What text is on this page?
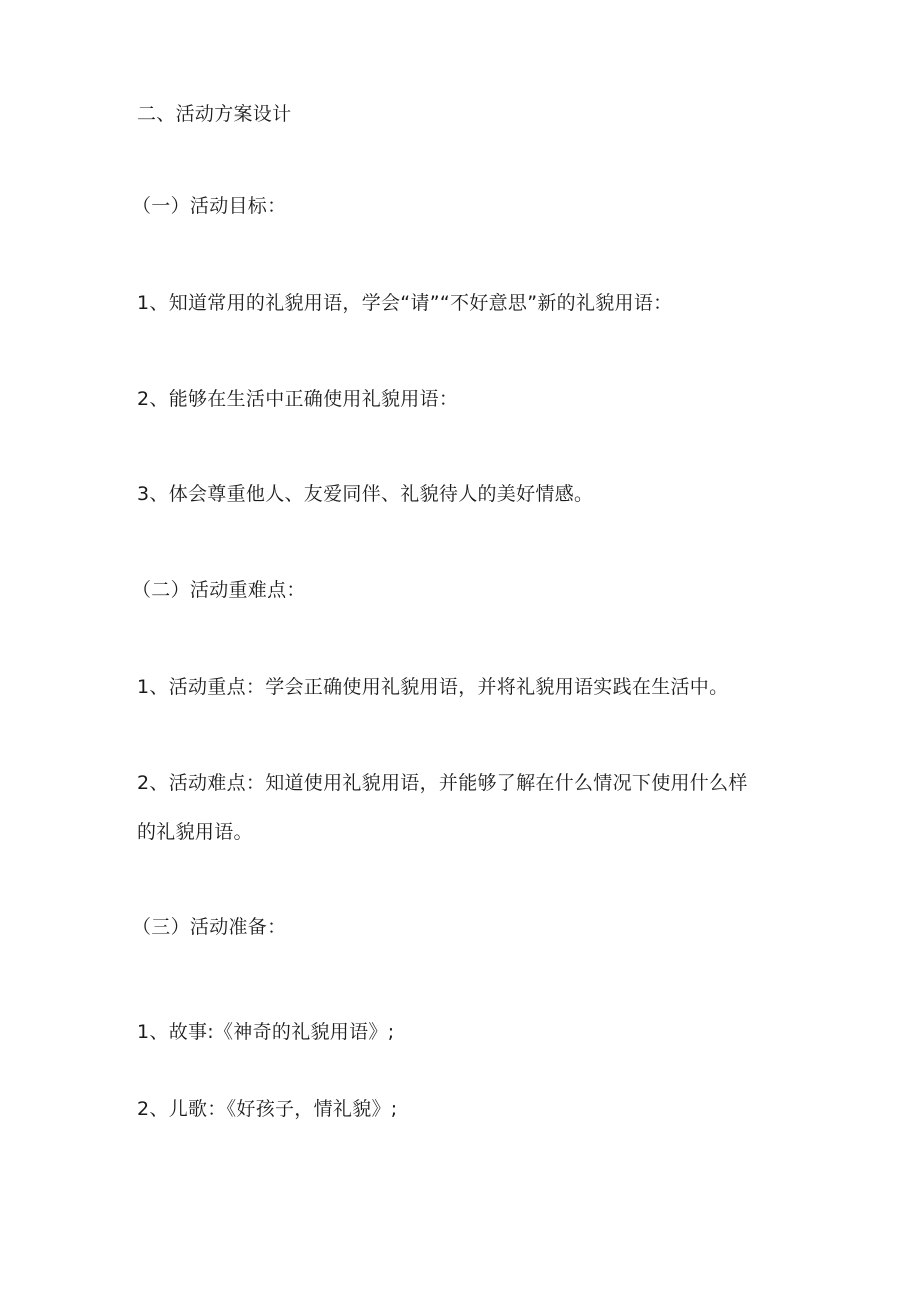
二、活动方案设计
（一）活动目标：
1、知道常用的礼貌用语，学会“请”“不好意思”新的礼貌用语：
2、能够在生活中正确使用礼貌用语：
3、体会尊重他人、友爱同伴、礼貌待人的美好情感。
（二）活动重难点：
1、活动重点：学会正确使用礼貌用语，并将礼貌用语实践在生活中。
2、活动难点：知道使用礼貌用语，并能够了解在什么情况下使用什么样
的礼貌用语。
（三）活动准备：
1、故事:《神奇的礼貌用语》;
2、儿歌：《好孩子，情礼貌》;
